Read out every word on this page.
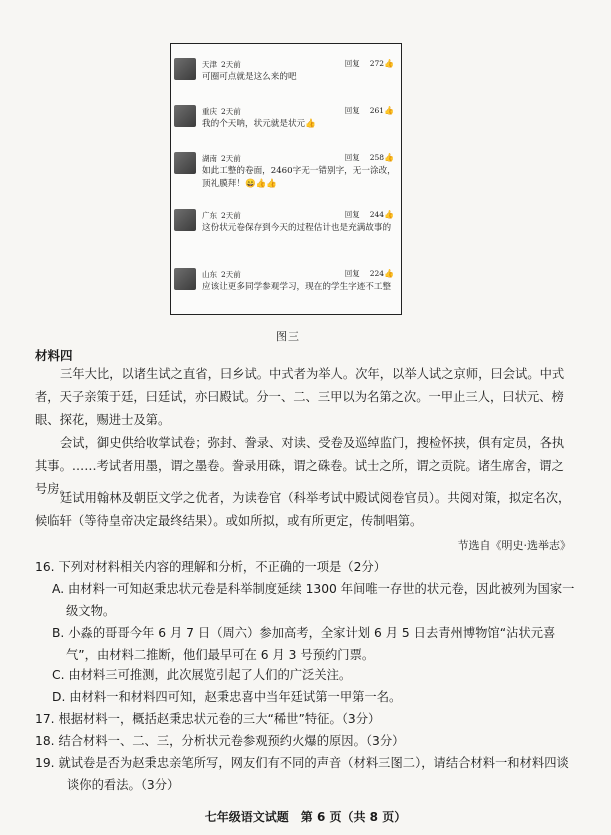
天津 2天前	回复 272👍
可圈可点就是这么来的吧
重庆 2天前	回复 261👍
我的个天呐，状元就是状元👍
湖南 2天前	回复 258👍
如此工整的卷面，2460字无一错别字，无一涂改，顶礼膜拜！😄👍👍
广东 2天前	回复 244👍
这份状元卷保存到今天的过程估计也是充满故事的
山东 2天前	回复 224👍
应该让更多同学参观学习，现在的学生字迹不工整
图三
材料四

三年大比，以诸生试之直省，曰乡试。中式者为举人。次年，以举人试之京师，曰会试。中式者，天子亲策于廷，曰廷试，亦曰殿试。分一、二、三甲以为名第之次。一甲止三人，曰状元、榜眼、探花，赐进士及第。

会试，御史供给收掌试卷；弥封、誊录、对读、受卷及巡绰监门，搜检怀挟，俱有定员，各执其事。……考试者用墨，谓之墨卷。誊录用硃，谓之硃卷。试士之所，谓之贡院。诸生席舍，谓之号房。

廷试用翰林及朝臣文学之优者，为读卷官（科举考试中殿试阅卷官员）。共阅对策，拟定名次，候临轩（等待皇帝决定最终结果）。或如所拟，或有所更定，传制唱第。

节选自《明史·选举志》

16. 下列对材料相关内容的理解和分析，不正确的一项是（2分）

A. 由材料一可知赵秉忠状元卷是科举制度延续 1300 年间唯一存世的状元卷，因此被列为国家一级文物。

B. 小淼的哥哥今年 6 月 7 日（周六）参加高考，全家计划 6 月 5 日去青州博物馆“沾状元喜气”，由材料二推断，他们最早可在 6 月 3 号预约门票。

C. 由材料三可推测，此次展览引起了人们的广泛关注。

D. 由材料一和材料四可知，赵秉忠喜中当年廷试第一甲第一名。

17. 根据材料一，概括赵秉忠状元卷的三大“稀世”特征。（3分）

18. 结合材料一、二、三，分析状元卷参观预约火爆的原因。（3分）

19. 就试卷是否为赵秉忠亲笔所写，网友们有不同的声音（材料三图二），请结合材料一和材料四谈谈你的看法。（3分）

七年级语文试题　第 6 页（共 8 页）
